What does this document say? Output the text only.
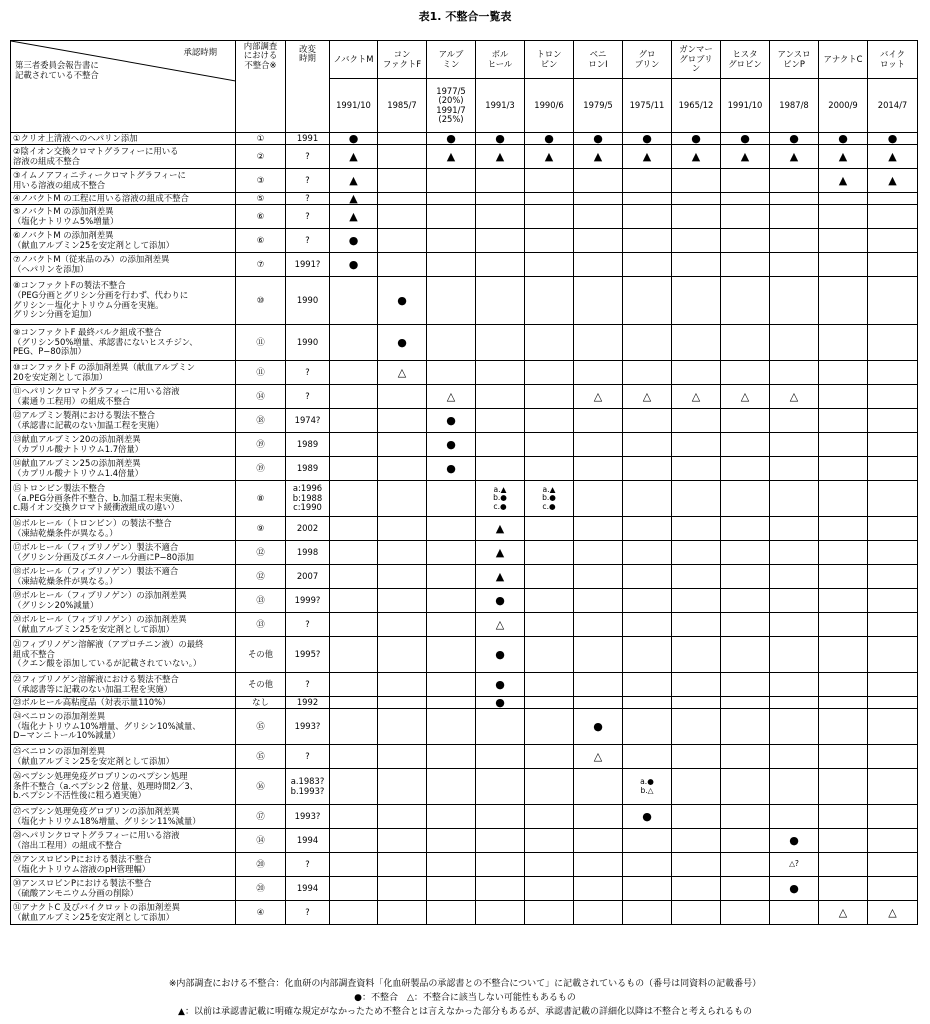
表1. 不整合一覧表
承認時期
第三者委員会報告書に
記載されている不整合	内部調査
における
不整合※	改変
時期	ノバクトM	コン
ファクトF	アルブ
ミン	ボル
ヒール	トロン
ビン	ベニ
ロンI	グロ
ブリン	ガンマー
グロブリ
ン	ヒスタ
グロビン	アンスロ
ビンP	アナクトC	バイク
ロット
			1991/10	1985/7	1977/5
(20%)
1991/7
(25%)	1991/3	1990/6	1979/5	1975/11	1965/12	1991/10	1987/8	2000/9	2014/7
①クリオ上清液へのヘパリン添加	①	1991	●		●	●	●	●	●	●	●	●	●	●
②陰イオン交換クロマトグラフィーに用いる
溶液の組成不整合	②	?	▲		▲	▲	▲	▲	▲	▲	▲	▲	▲	▲
③イムノアフィニティークロマトグラフィーに
用いる溶液の組成不整合	③	?	▲										▲	▲
④ノバクトM の工程に用いる溶液の組成不整合	⑤	?	▲											
⑤ノバクトM の添加剤差異
（塩化ナトリウム5%増量）	⑥	?	▲											
⑥ノバクトM の添加剤差異
（献血アルブミン25を安定剤として添加）	⑥	?	●											
⑦ノバクトM（従来品のみ）の添加剤差異
（ヘパリンを添加）	⑦	1991?	●											
⑧コンファクトFの製法不整合
（PEG分画とグリシン分画を行わず、代わりに
グリシン－塩化ナトリウム分画を実施。
グリシン分画を追加）	⑩	1990		●										
⑨コンファクトF 最終バルク組成不整合
（グリシン50%増量、承認書にないヒスチジン、
PEG、P−80添加）	⑪	1990		●										
⑩コンファクトF の添加剤差異（献血アルブミン
20を安定剤として添加）	⑪	?		△										
⑪ヘパリンクロマトグラフィーに用いる溶液
（素通り工程用）の組成不整合	⑭	?			△			△	△	△	△	△		
⑫アルブミン製剤における製法不整合
（承認書に記載のない加温工程を実施）	⑱	1974?			●									
⑬献血アルブミン20の添加剤差異
（カプリル酸ナトリウム1.7倍量）	⑲	1989			●									
⑭献血アルブミン25の添加剤差異
（カプリル酸ナトリウム1.4倍量）	⑲	1989			●									
⑮トロンビン製法不整合
（a.PEG分画条件不整合、b.加温工程未実施、
c.陽イオン交換クロマト緩衝液組成の違い）	⑧	a:1996
b:1988
c:1990				a.▲
b.●
c.●	a.▲
b.●
c.●							
⑯ボルヒール（トロンビン）の製法不整合
（凍結乾燥条件が異なる。）	⑨	2002				▲								
⑰ボルヒール（フィブリノゲン）製法不適合
（グリシン分画及びエタノール分画にP−80添加	⑫	1998				▲								
⑱ボルヒール（フィブリノゲン）製法不適合
（凍結乾燥条件が異なる。）	⑫	2007				▲								
⑲ボルヒール（フィブリノゲン）の添加剤差異
（グリシン20%減量）	⑬	1999?				●								
⑳ボルヒール（フィブリノゲン）の添加剤差異
（献血アルブミン25を安定剤として添加）	⑬	?				△								
㉑フィブリノゲン溶解液（アプロチニン液）の最終
組成不整合
（クエン酸を添加しているが記載されていない。）	その他	1995?				●								
㉒フィブリノゲン溶解液における製法不整合
（承認書等に記載のない加温工程を実施）	その他	?				●								
㉓ボルヒール高粘度品（対表示量110%）	なし	1992				●								
㉔ベニロンの添加剤差異
（塩化ナトリウム10%増量、グリシン10%減量、
D−マンニトール10%減量）	⑮	1993?						●						
㉕ベニロンの添加剤差異
（献血アルブミン25を安定剤として添加）	⑮	?						△						
㉖ペプシン処理免疫グロブリンのペプシン処理
条件不整合（a.ペプシン2 倍量、処理時間2／3、
b.ペプシン不活性後に粗ろ過実施）	⑯	a.1983?
b.1993?							a.●
b.△					
㉗ペプシン処理免疫グロブリンの添加剤差異
（塩化ナトリウム18%増量、グリシン11%減量）	⑰	1993?							●					
㉘ヘパリンクロマトグラフィーに用いる溶液
（溶出工程用）の組成不整合	⑭	1994										●		
㉙アンスロビンPにおける製法不整合
（塩化ナトリウム溶液のpH管理幅）	⑳	?										△?		
㉚アンスロビンPにおける製法不整合
（硫酸アンモニウム分画の削除）	⑳	1994										●		
㉛アナクトC 及びバイクロットの添加剤差異
（献血アルブミン25を安定剤として添加）	④	?											△	△
※内部調査における不整合：化血研の内部調査資料「化血研製品の承認書との不整合について」に記載されているもの（番号は同資料の記載番号）
●：不整合　△：不整合に該当しない可能性もあるもの
▲：以前は承認書記載に明確な規定がなかったため不整合とは言えなかった部分もあるが、承認書記載の詳細化以降は不整合と考えられるもの
